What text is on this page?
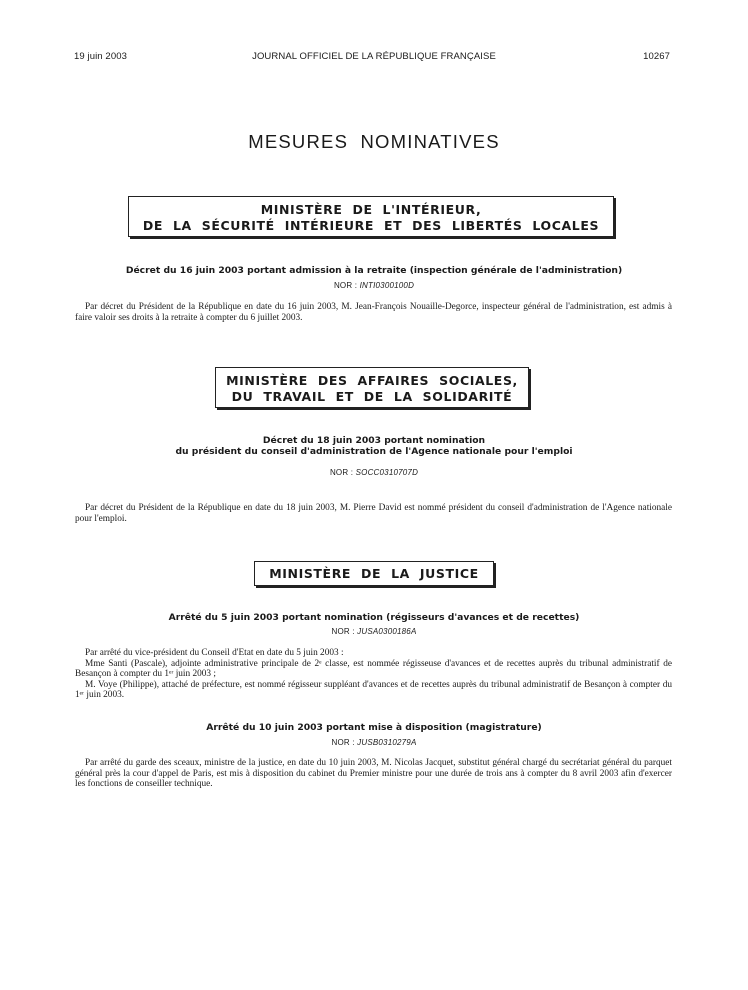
JOURNAL OFFICIEL DE LA RÉPUBLIQUE FRANÇAISE
19 juin 2003	10267
MESURES NOMINATIVES
MINISTÈRE DE L'INTÉRIEUR,
DE LA SÉCURITÉ INTÉRIEURE ET DES LIBERTÉS LOCALES
Décret du 16 juin 2003 portant admission à la retraite (inspection générale de l'administration)
NOR : INTI0300100D

Par décret du Président de la République en date du 16 juin 2003, M. Jean-François Nouaille-Degorce, inspecteur général de l'administration, est admis à faire valoir ses droits à la retraite à compter du 6 juillet 2003.

MINISTÈRE DES AFFAIRES SOCIALES,
DU TRAVAIL ET DE LA SOLIDARITÉ
Décret du 18 juin 2003 portant nomination
du président du conseil d'administration de l'Agence nationale pour l'emploi
NOR : SOCC0310707D

Par décret du Président de la République en date du 18 juin 2003, M. Pierre David est nommé président du conseil d'administration de l'Agence nationale pour l'emploi.

MINISTÈRE DE LA JUSTICE
Arrêté du 5 juin 2003 portant nomination (régisseurs d'avances et de recettes)
NOR : JUSA0300186A

Par arrêté du vice-président du Conseil d'Etat en date du 5 juin 2003 :

Mme Santi (Pascale), adjointe administrative principale de 2ᵉ classe, est nommée régisseuse d'avances et de recettes auprès du tribunal administratif de Besançon à compter du 1ᵉʳ juin 2003 ;

M. Voye (Philippe), attaché de préfecture, est nommé régisseur suppléant d'avances et de recettes auprès du tribunal administratif de Besançon à compter du 1ᵉʳ juin 2003.

Arrêté du 10 juin 2003 portant mise à disposition (magistrature)
NOR : JUSB0310279A

Par arrêté du garde des sceaux, ministre de la justice, en date du 10 juin 2003, M. Nicolas Jacquet, substitut général chargé du secrétariat général du parquet général près la cour d'appel de Paris, est mis à disposition du cabinet du Premier ministre pour une durée de trois ans à compter du 8 avril 2003 afin d'exercer les fonctions de conseiller technique.
